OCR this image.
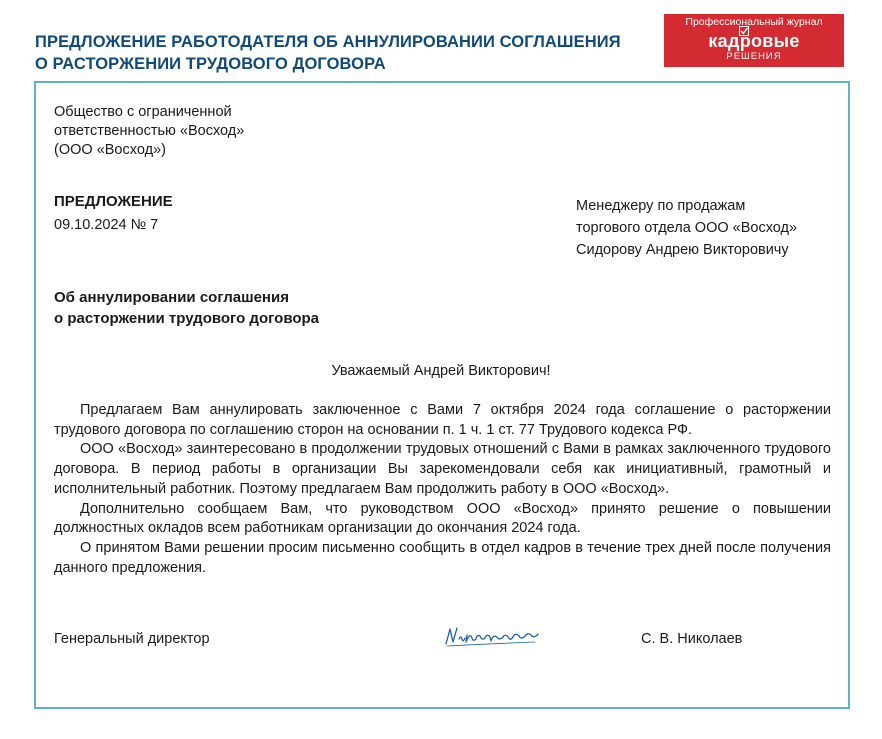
ПРЕДЛОЖЕНИЕ РАБОТОДАТЕЛЯ ОБ АННУЛИРОВАНИИ СОГЛАШЕНИЯ
О РАСТОРЖЕНИИ ТРУДОВОГО ДОГОВОРА
Профессиональный журнал
кадровые
РЕШЕНИЯ
Общество с ограниченной
ответственностью «Восход»
(ООО «Восход»)
ПРЕДЛОЖЕНИЕ
09.10.2024 № 7
Менеджеру по продажам
торгового отдела ООО «Восход»
Сидорову Андрею Викторовичу
Об аннулировании соглашения
о расторжении трудового договора
Уважаемый Андрей Викторович!

Предлагаем Вам аннулировать заключенное с Вами 7 октября 2024 года соглашение о расторжении трудового договора по соглашению сторон на основании п. 1 ч. 1 ст. 77 Трудового кодекса РФ.

ООО «Восход» заинтересовано в продолжении трудовых отношений с Вами в рамках заключенного трудового договора. В период работы в организации Вы зарекомендовали себя как инициативный, грамотный и исполнительный работник. Поэтому предлагаем Вам продолжить работу в ООО «Восход».

Дополнительно сообщаем Вам, что руководством ООО «Восход» принято решение о повышении должностных окладов всем работникам организации до окончания 2024 года.

О принятом Вами решении просим письменно сообщить в отдел кадров в течение трех дней после получения данного предложения.

Генеральный директор	С. В. Николаев
